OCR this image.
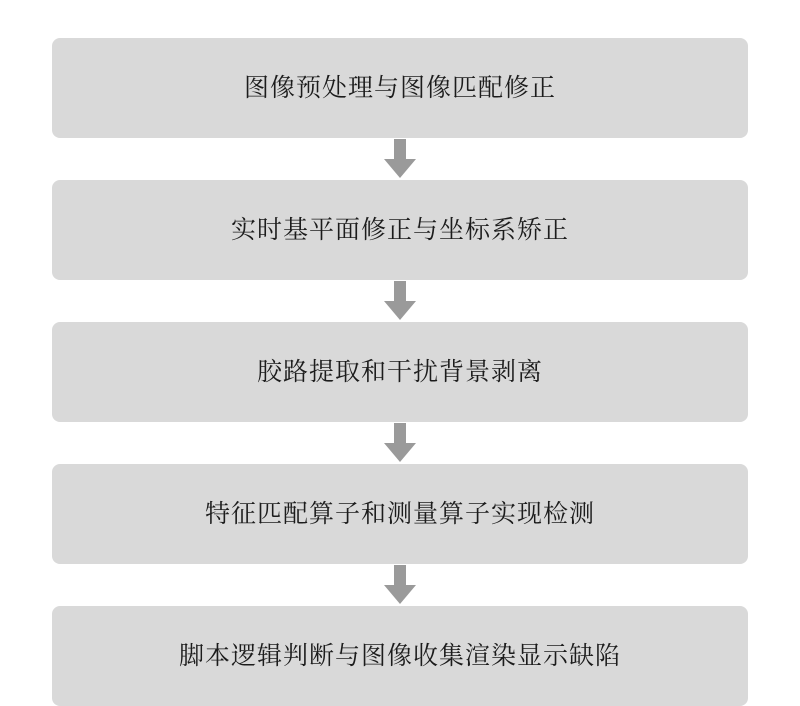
图像预处理与图像匹配修正
实时基平面修正与坐标系矫正
胶路提取和干扰背景剥离
特征匹配算子和测量算子实现检测
脚本逻辑判断与图像收集渲染显示缺陷
